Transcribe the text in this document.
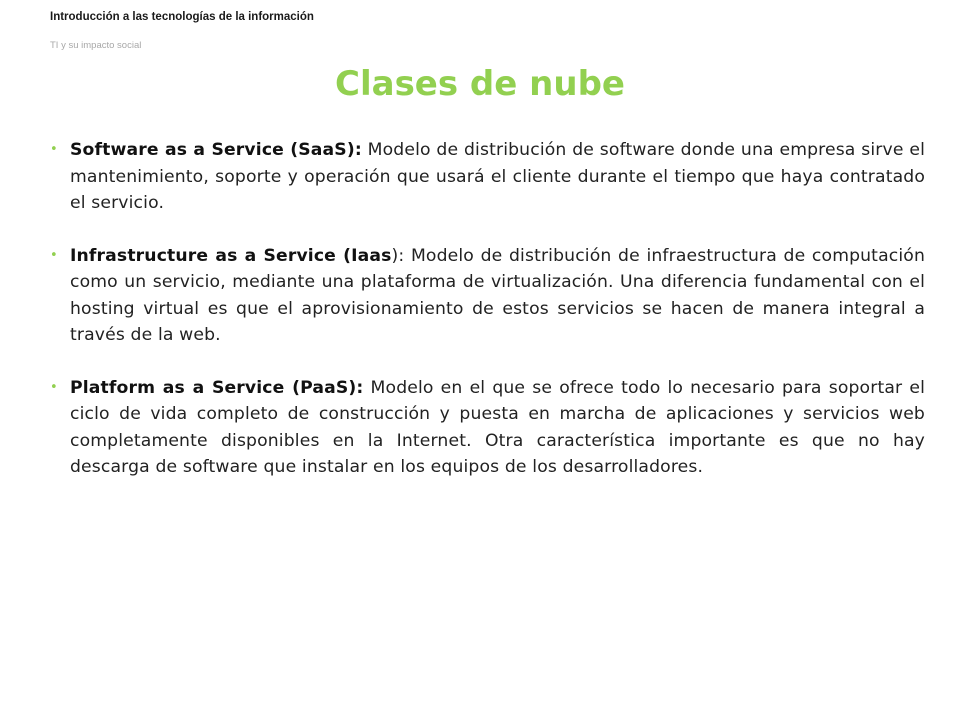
Introducción a las tecnologías de la información
TI y su impacto social
Clases de nube
• Software as a Service (SaaS): Modelo de distribución de software donde una empresa sirve el mantenimiento, soporte y operación que usará el cliente durante el tiempo que haya contratado el servicio.
• Infrastructure as a Service (Iaas): Modelo de distribución de infraestructura de computación como un servicio, mediante una plataforma de virtualización. Una diferencia fundamental con el hosting virtual es que el aprovisionamiento de estos servicios se hacen de manera integral a través de la web.
• Platform as a Service (PaaS): Modelo en el que se ofrece todo lo necesario para soportar el ciclo de vida completo de construcción y puesta en marcha de aplicaciones y servicios web completamente disponibles en la Internet. Otra característica importante es que no hay descarga de software que instalar en los equipos de los desarrolladores.
